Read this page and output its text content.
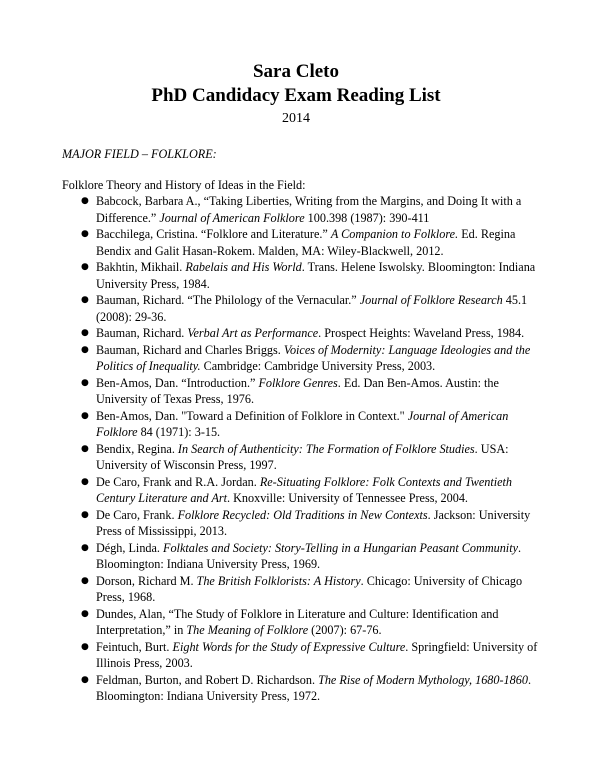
Sara Cleto
PhD Candidacy Exam Reading List
2014
MAJOR FIELD – FOLKLORE:
Folklore Theory and History of Ideas in the Field:
● Babcock, Barbara A., “Taking Liberties, Writing from the Margins, and Doing It with a Difference.” Journal of American Folklore 100.398 (1987): 390-411
● Bacchilega, Cristina. “Folklore and Literature.” A Companion to Folklore. Ed. Regina Bendix and Galit Hasan-Rokem. Malden, MA: Wiley-Blackwell, 2012.
● Bakhtin, Mikhail. Rabelais and His World. Trans. Helene Iswolsky. Bloomington: Indiana University Press, 1984.
● Bauman, Richard. “The Philology of the Vernacular.” Journal of Folklore Research 45.1 (2008): 29-36.
● Bauman, Richard. Verbal Art as Performance. Prospect Heights: Waveland Press, 1984.
● Bauman, Richard and Charles Briggs. Voices of Modernity: Language Ideologies and the Politics of Inequality. Cambridge: Cambridge University Press, 2003.
● Ben-Amos, Dan. “Introduction.” Folklore Genres. Ed. Dan Ben-Amos. Austin: the University of Texas Press, 1976.
● Ben-Amos, Dan. "Toward a Definition of Folklore in Context." Journal of American Folklore 84 (1971): 3-15.
● Bendix, Regina. In Search of Authenticity: The Formation of Folklore Studies. USA: University of Wisconsin Press, 1997.
● De Caro, Frank and R.A. Jordan. Re-Situating Folklore: Folk Contexts and Twentieth Century Literature and Art. Knoxville: University of Tennessee Press, 2004.
● De Caro, Frank. Folklore Recycled: Old Traditions in New Contexts. Jackson: University Press of Mississippi, 2013.
● Dégh, Linda. Folktales and Society: Story-Telling in a Hungarian Peasant Community. Bloomington: Indiana University Press, 1969.
● Dorson, Richard M. The British Folklorists: A History. Chicago: University of Chicago Press, 1968.
● Dundes, Alan, “The Study of Folklore in Literature and Culture: Identification and Interpretation,” in The Meaning of Folklore (2007): 67-76.
● Feintuch, Burt. Eight Words for the Study of Expressive Culture. Springfield: University of Illinois Press, 2003.
● Feldman, Burton, and Robert D. Richardson. The Rise of Modern Mythology, 1680-1860. Bloomington: Indiana University Press, 1972.
